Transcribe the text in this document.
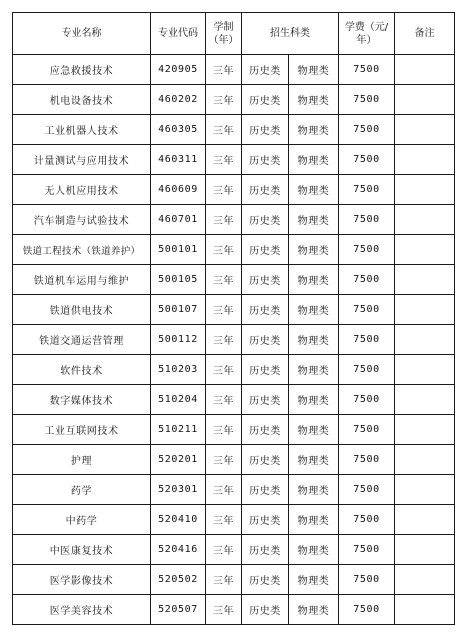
专业名称	专业代码	学制（年）	招生科类		学费（元/年）	备注
应急救援技术	420905	三年	历史类	物理类	7500	
机电设备技术	460202	三年	历史类	物理类	7500	
工业机器人技术	460305	三年	历史类	物理类	7500	
计量测试与应用技术	460311	三年	历史类	物理类	7500	
无人机应用技术	460609	三年	历史类	物理类	7500	
汽车制造与试验技术	460701	三年	历史类	物理类	7500	
铁道工程技术（铁道养护）	500101	三年	历史类	物理类	7500	
铁道机车运用与维护	500105	三年	历史类	物理类	7500	
铁道供电技术	500107	三年	历史类	物理类	7500	
铁道交通运营管理	500112	三年	历史类	物理类	7500	
软件技术	510203	三年	历史类	物理类	7500	
数字媒体技术	510204	三年	历史类	物理类	7500	
工业互联网技术	510211	三年	历史类	物理类	7500	
护理	520201	三年	历史类	物理类	7500	
药学	520301	三年	历史类	物理类	7500	
中药学	520410	三年	历史类	物理类	7500	
中医康复技术	520416	三年	历史类	物理类	7500	
医学影像技术	520502	三年	历史类	物理类	7500	
医学美容技术	520507	三年	历史类	物理类	7500	
